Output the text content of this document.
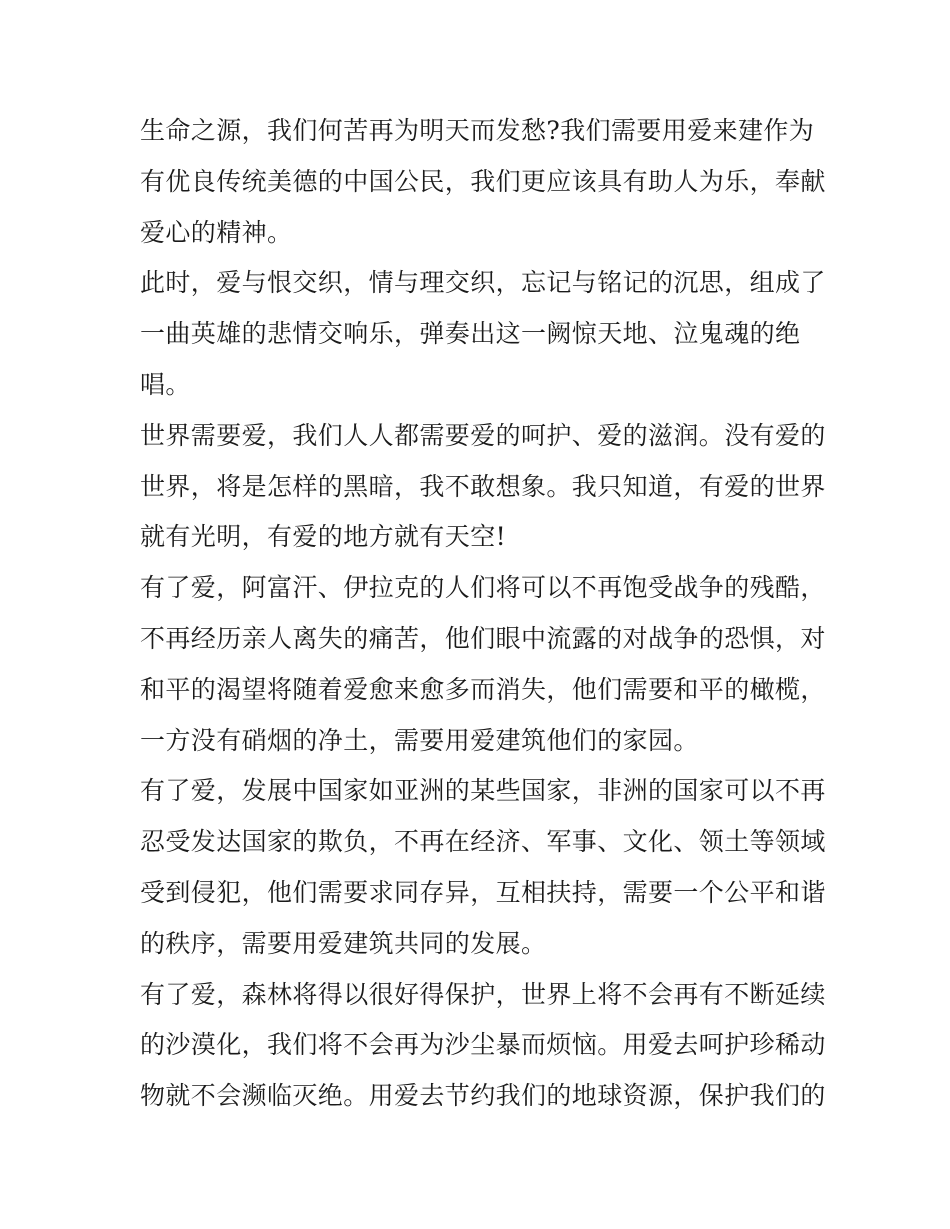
生命之源，我们何苦再为明天而发愁?我们需要用爱来建作为
有优良传统美德的中国公民，我们更应该具有助人为乐，奉献
爱心的精神。
此时，爱与恨交织，情与理交织，忘记与铭记的沉思，组成了
一曲英雄的悲情交响乐，弹奏出这一阙惊天地、泣鬼魂的绝
唱。
世界需要爱，我们人人都需要爱的呵护、爱的滋润。没有爱的
世界，将是怎样的黑暗，我不敢想象。我只知道，有爱的世界
就有光明，有爱的地方就有天空!
有了爱，阿富汗、伊拉克的人们将可以不再饱受战争的残酷，
不再经历亲人离失的痛苦，他们眼中流露的对战争的恐惧，对
和平的渴望将随着爱愈来愈多而消失，他们需要和平的橄榄，
一方没有硝烟的净土，需要用爱建筑他们的家园。
有了爱，发展中国家如亚洲的某些国家，非洲的国家可以不再
忍受发达国家的欺负，不再在经济、军事、文化、领土等领域
受到侵犯，他们需要求同存异，互相扶持，需要一个公平和谐
的秩序，需要用爱建筑共同的发展。
有了爱，森林将得以很好得保护，世界上将不会再有不断延续
的沙漠化，我们将不会再为沙尘暴而烦恼。用爱去呵护珍稀动
物就不会濒临灭绝。用爱去节约我们的地球资源，保护我们的
